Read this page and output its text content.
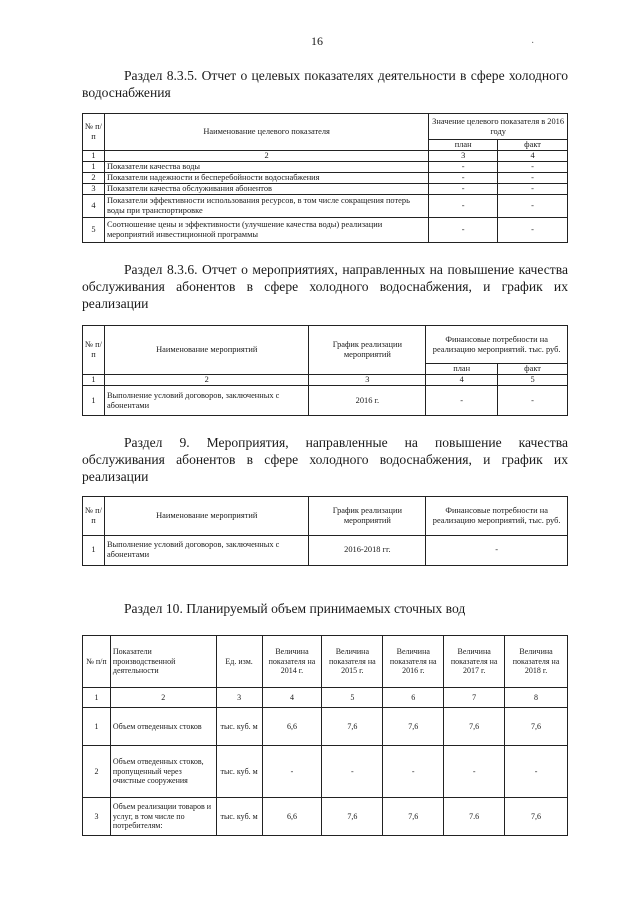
16	·

Раздел 8.3.5. Отчет о целевых показателях деятельности в сфере холодного

водоснабжения

№ п/п	Наименование целевого показателя	Значение целевого показателя в 2016 году	
		план	факт
1	2	3	4
1	Показатели качества воды	-	-
2	Показатели надежности и бесперебойности водоснабжения	-	-
3	Показатели качества обслуживания абонентов	-	-
4	Показатели эффективности использования ресурсов, в том числе сокращения потерь воды при транспортировке	-	-
5	Соотношение цены и эффективности (улучшение качества воды) реализации мероприятий инвестиционной программы	-	-

Раздел 8.3.6. Отчет о мероприятиях, направленных на повышение качества

обслуживания абонентов в сфере холодного водоснабжения, и график их

реализации

№ п/п	Наименование мероприятий	График реализации мероприятий	Финансовые потребности на реализацию мероприятий. тыс. руб.	
			план	факт
1	2	3	4	5
1	Выполнение условий договоров, заключенных с абонентами	2016 г.	-	-

Раздел 9. Мероприятия, направленные на повышение качества

обслуживания абонентов в сфере холодного водоснабжения, и график их

реализации

№ п/п	Наименование мероприятий	График реализации мероприятий	Финансовые потребности на реализацию мероприятий, тыс. руб.
1	Выполнение условий договоров, заключенных с абонентами	2016-2018 гг.	-

Раздел 10. Планируемый объем принимаемых сточных вод

№ п/п	Показатели производственной деятельности	Ед. изм.	Величина показателя на 2014 г.	Величина показателя на 2015 г.	Величина показателя на 2016 г.	Величина показателя на 2017 г.	Величина показателя на 2018 г.
1	2	3	4	5	6	7	8
1	Объем отведенных стоков	тыс. куб. м	6,6	7,6	7,6	7,6	7,6
2	Объем отведенных стоков, пропущенный через очистные сооружения	тыс. куб. м	-	-	-	-	-
3	Объем реализации товаров и услуг, в том числе по потребителям:	тыс. куб. м	6,6	7,6	7,6	7.6	7,6
